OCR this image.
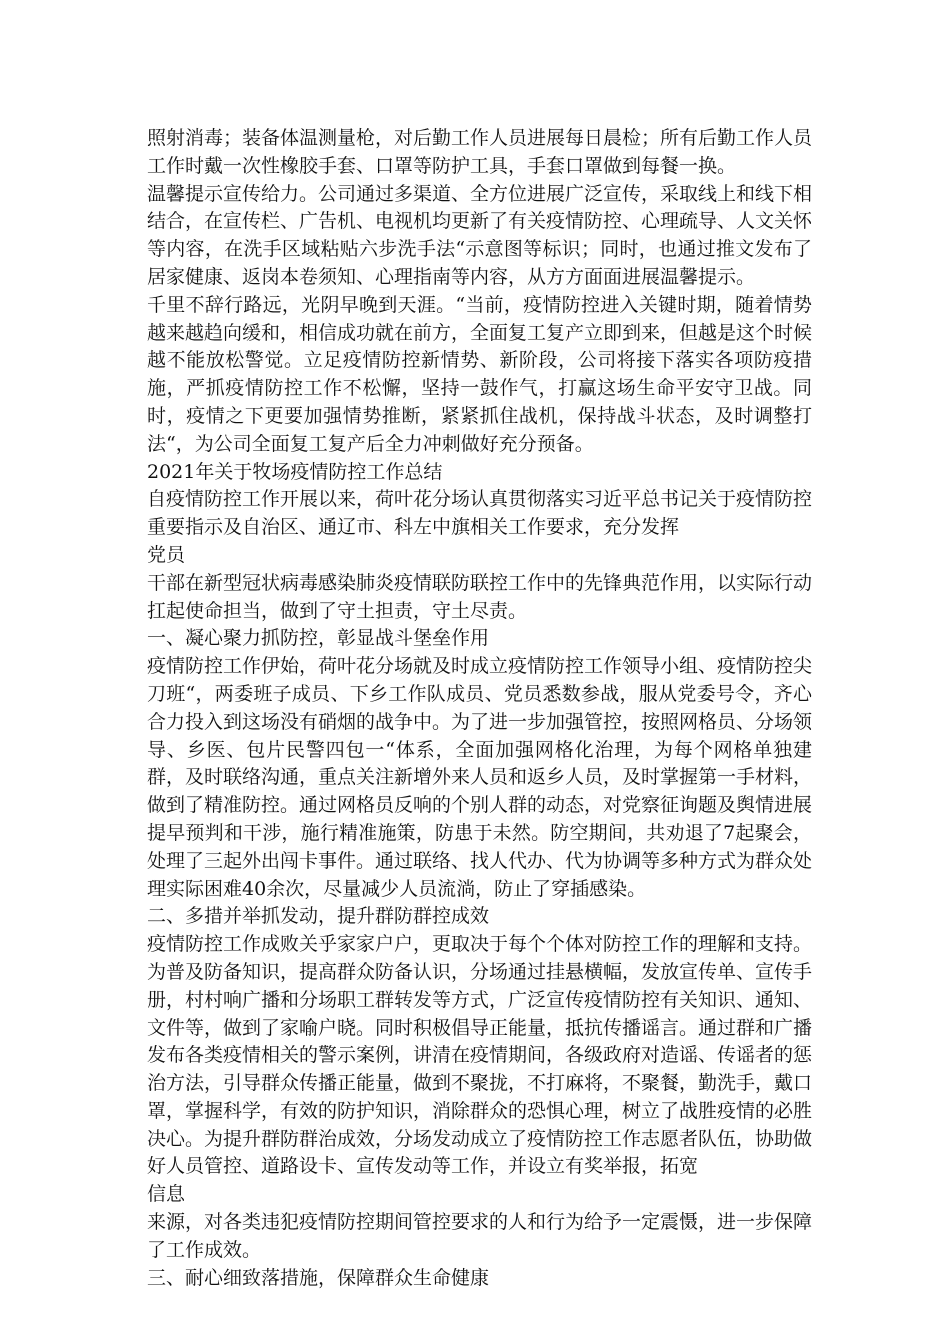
照射消毒；装备体温测量枪，对后勤工作人员进展每日晨检；所有后勤工作人员工作时戴一次性橡胶手套、口罩等防护工具，手套口罩做到每餐一换。

温馨提示宣传给力。公司通过多渠道、全方位进展广泛宣传，采取线上和线下相结合，在宣传栏、广告机、电视机均更新了有关疫情防控、心理疏导、人文关怀等内容，在洗手区域粘贴六步洗手法“示意图等标识；同时，也通过推文发布了居家健康、返岗本卷须知、心理指南等内容，从方方面面进展温馨提示。

千里不辞行路远，光阴早晚到天涯。“当前，疫情防控进入关键时期，随着情势越来越趋向缓和，相信成功就在前方，全面复工复产立即到来，但越是这个时候越不能放松警觉。立足疫情防控新情势、新阶段，公司将接下落实各项防疫措施，严抓疫情防控工作不松懈，坚持一鼓作气，打赢这场生命平安守卫战。同时，疫情之下更要加强情势推断，紧紧抓住战机，保持战斗状态，及时调整打法“，为公司全面复工复产后全力冲刺做好充分预备。

2021年关于牧场疫情防控工作总结

自疫情防控工作开展以来，荷叶花分场认真贯彻落实习近平总书记关于疫情防控重要指示及自治区、通辽市、科左中旗相关工作要求，充分发挥

党员

干部在新型冠状病毒感染肺炎疫情联防联控工作中的先锋典范作用，以实际行动扛起使命担当，做到了守土担责，守土尽责。

一、凝心聚力抓防控，彰显战斗堡垒作用

疫情防控工作伊始，荷叶花分场就及时成立疫情防控工作领导小组、疫情防控尖刀班“，两委班子成员、下乡工作队成员、党员悉数参战，服从党委号令，齐心合力投入到这场没有硝烟的战争中。为了进一步加强管控，按照网格员、分场领导、乡医、包片民警四包一“体系，全面加强网格化治理，为每个网格单独建群，及时联络沟通，重点关注新增外来人员和返乡人员，及时掌握第一手材料，做到了精准防控。通过网格员反响的个别人群的动态，对党察征询题及舆情进展提早预判和干涉，施行精准施策，防患于未然。防空期间，共劝退了7起聚会，处理了三起外出闯卡事件。通过联络、找人代办、代为协调等多种方式为群众处理实际困难40余次，尽量减少人员流淌，防止了穿插感染。

二、多措并举抓发动，提升群防群控成效

疫情防控工作成败关乎家家户户，更取决于每个个体对防控工作的理解和支持。为普及防备知识，提高群众防备认识，分场通过挂悬横幅，发放宣传单、宣传手册，村村响广播和分场职工群转发等方式，广泛宣传疫情防控有关知识、通知、文件等，做到了家喻户晓。同时积极倡导正能量，抵抗传播谣言。通过群和广播发布各类疫情相关的警示案例，讲清在疫情期间，各级政府对造谣、传谣者的惩治方法，引导群众传播正能量，做到不聚拢，不打麻将，不聚餐，勤洗手，戴口罩，掌握科学，有效的防护知识，消除群众的恐惧心理，树立了战胜疫情的必胜决心。为提升群防群治成效，分场发动成立了疫情防控工作志愿者队伍，协助做好人员管控、道路设卡、宣传发动等工作，并设立有奖举报，拓宽

信息

来源，对各类违犯疫情防控期间管控要求的人和行为给予一定震慑，进一步保障了工作成效。

三、耐心细致落措施，保障群众生命健康
